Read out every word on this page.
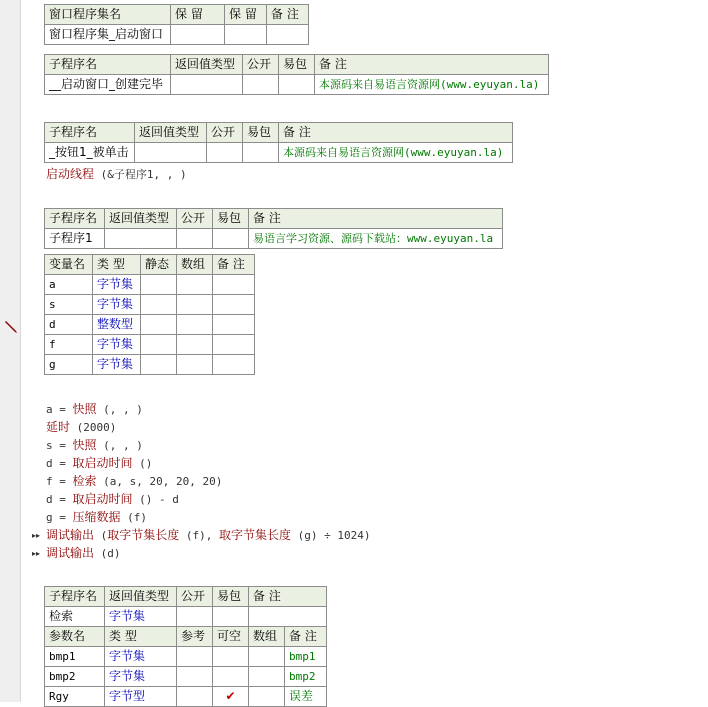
窗口程序集名	保 留	保 留	备 注
窗口程序集_启动窗口			
子程序名	返回值类型	公开	易包	备 注
__启动窗口_创建完毕				本源码来自易语言资源网(www.eyuyan.la)
子程序名	返回值类型	公开	易包	备 注
_按钮1_被单击				本源码来自易语言资源网(www.eyuyan.la)
启动线程 (&子程序1, , )
子程序名	返回值类型	公开	易包	备 注
子程序1				易语言学习资源、源码下载站：www.eyuyan.la
变量名	类 型	静态	数组	备 注
a	字节集			
s	字节集			
d	整数型			
f	字节集			
g	字节集			
a = 快照 (, , )
延时 (2000)
s = 快照 (, , )
d = 取启动时间 ()
f = 检索 (a, s, 20, 20, 20)
d = 取启动时间 () - d
g = 压缩数据 (f)
▸▸ 调试输出 (取字节集长度 (f), 取字节集长度 (g) ÷ 1024)
▸▸ 调试输出 (d)
子程序名	返回值类型	公开	易包	备 注	
检索	字节集				
参数名	类 型	参考	可空	数组	备 注
bmp1	字节集				bmp1
bmp2	字节集				bmp2
Rgy	字节型		✔		误差
